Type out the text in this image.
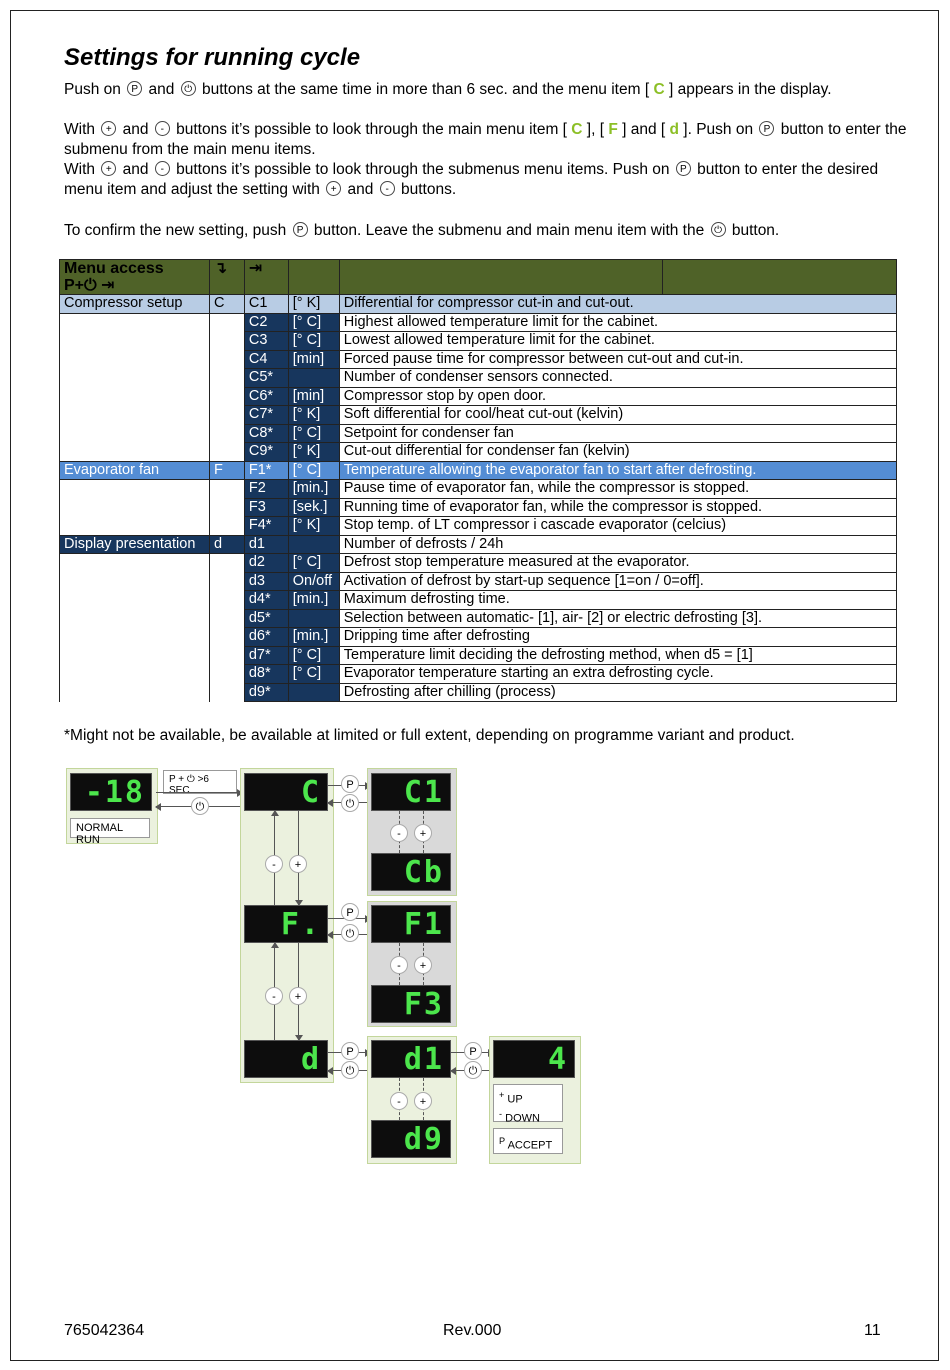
Settings for running cycle

Push on P and ⏻ buttons at the same time in more than 6 sec. and the menu item [ C ] appears in the display.

With + and - buttons it’s possible to look through the main menu item [ C ], [ F ] and [ d ]. Push on P button to enter the submenu from the main menu items.

With + and - buttons it’s possible to look through the submenus menu items. Push on P button to enter the desired menu item and adjust the setting with + and - buttons.

To confirm the new setting, push P button. Leave the submenu and main menu item with the ⏻ button.

Menu access
P+⏻ ⇥	↴	⇥			
Compressor setup	C	C1	[° K]	Differential for compressor cut-in and cut-out.	
		C2	[° C]	Highest allowed temperature limit for the cabinet.	
		C3	[° C]	Lowest allowed temperature limit for the cabinet.	
		C4	[min]	Forced pause time for compressor between cut-out and cut-in.	
		C5*		Number of condenser sensors connected.	
		C6*	[min]	Compressor stop by open door.	
		C7*	[° K]	Soft differential for cool/heat cut-out (kelvin)	
		C8*	[° C]	Setpoint for condenser fan	
		C9*	[° K]	Cut-out differential for condenser fan (kelvin)	
Evaporator fan	F	F1*	[° C]	Temperature allowing the evaporator fan to start after defrosting.	
		F2	[min.]	Pause time of evaporator fan, while the compressor is stopped.	
		F3	[sek.]	Running time of evaporator fan, while the compressor is stopped.	
		F4*	[° K]	Stop temp. of LT compressor i cascade evaporator (celcius)	
Display presentation	d	d1		Number of defrosts / 24h	
		d2	[° C]	Defrost stop temperature measured at the evaporator.	
		d3	On/off	Activation of defrost by start-up sequence [1=on / 0=off].	
		d4*	[min.]	Maximum defrosting time.	
		d5*		Selection between automatic- [1], air- [2] or electric defrosting [3].	
		d6*	[min.]	Dripping time after defrosting	
		d7*	[° C]	Temperature limit deciding the defrosting method, when d5 = [1]	
		d8*	[° C]	Evaporator temperature starting an extra defrosting cycle.	
		d9*		Defrosting after chilling (process)	
*Might not be available, be available at limited or full extent, depending on programme variant and product.
-18
NORMAL RUN
P + ⏻ >6 SEC
⏻	C
F.
d
-	+
-	+
P
⏻
P
⏻
P
⏻
C1
Cb
-	+
F1
F3
-	+
d1
d9
-	+
P
⏻	4
+ UP
- DOWN
$^P$ ACCEPT
765042364	Rev.000	11
